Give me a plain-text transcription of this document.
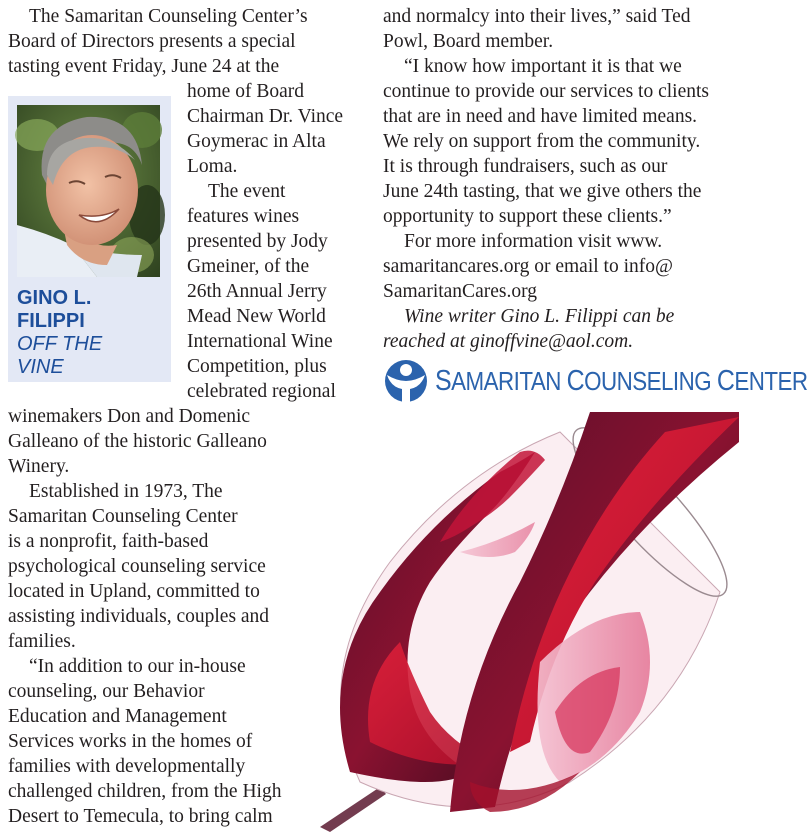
The Samaritan Counseling Center’s
Board of Directors presents a special
tasting event Friday, June 24 at the
GINO L.
FILIPPI
OFF THE
VINE
home of Board
Chairman Dr. Vince
Goymerac in Alta
Loma.
The event
features wines
presented by Jody
Gmeiner, of the
26th Annual Jerry
Mead New World
International Wine
Competition, plus
celebrated regional
winemakers Don and Domenic
Galleano of the historic Galleano
Winery.
Established in 1973, The
Samaritan Counseling Center
is a nonprofit, faith-based
psychological counseling service
located in Upland, committed to
assisting individuals, couples and
families.
“In addition to our in-house
counseling, our Behavior
Education and Management
Services works in the homes of
families with developmentally
challenged children, from the High
Desert to Temecula, to bring calm
and normalcy into their lives,” said Ted
Powl, Board member.
“I know how important it is that we
continue to provide our services to clients
that are in need and have limited means.
We rely on support from the community.
It is through fundraisers, such as our
June 24th tasting, that we give others the
opportunity to support these clients.”
For more information visit www.
samaritancares.org or email to info@
SamaritanCares.org
Wine writer Gino L. Filippi can be
reached at ginoffvine@aol.com.
SAMARITAN COUNSELING CENTER
